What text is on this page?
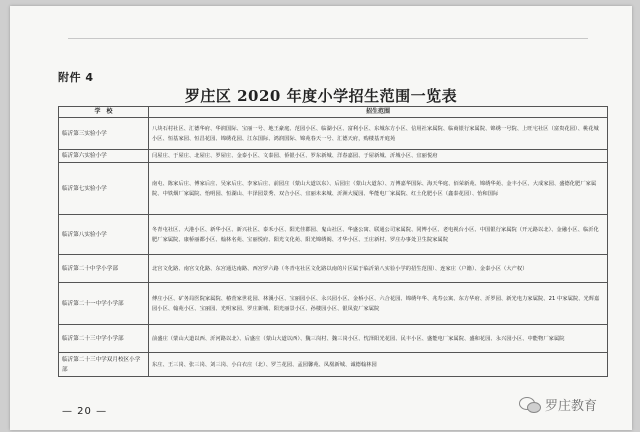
附件 4
罗庄区 2020 年度小学招生范围一览表
学　校	招生范围
临沂第三实验小学	八块石村社区、汇德华府、华润国际、宝丽一号、地王豪庭、范园小区、临湖小区、富利小区、东城东方小区、信用社家属院、临商银行家属院、锦绣一号院、上旺宅社区（富贵花园）、桃花城小区、恒基家园、恒昌花园、锦绣花园、江东国际、鸿润国际、锦苑春天一号、汇德天府，购楼基开庭苑
临沂第六实验小学	闫屋庄、于屋庄、北屋庄、罗屋庄、金泰小区、文泰园、侨银小区、罗东新城、洋春嘉园、于屋新城、沂城小区、宜丽悦府
临沂第七实验小学	南屯、陈家后庄、傅家后庄、吴家后庄、李家后庄、前园庄（蒙山大道以东）、后园庄（蒙山大道东）、万博嘉华国际、海天华庭、佰荣新苑、锦绣华苑、金丰小区、大成家园、盛德化肥厂家属院、中铁烟厂家属院、怡明园、恒湖山、丰泽园景秀、双合小区、宜丽未来城、沂洲大厦园、华能电厂家属院、红土化肥小区（鑫泰花园）、怡和国际
临沂第八实验小学	冬青屯社区、大港小区、新华小区、新兴社区、泰禾小区、阳光佳郡园、鬼山社区、华盛公寓、联通公司家属院、同博小区、老电视台小区、中国银行家属院（开元路以北）、金融小区、临沂化肥厂家属院、康桥丽都小区、翰林名苑、宝丽悦府、阳光文化苑、阳光锦绣阁、才华小区、王庄新村、罗庄办事处卫生院家属院
临沂第二十中学小学部	北宫文化路、南宫文化路、东宫通达南路、西宫罗六路（冬青屯社区文化路以南的片区属于临沂第八实验小学的招生范围）、连家庄（户籍）、金泰小区（大产权）
临沂第二十一中学小学部	傅庄小区、矿务局医院家属院、椿萱家世花园、林溪小区、宝丽园小区、永兴园小区、金桥小区、六合花园、锦绣年华、兆寿公寓、东方华府、沂罗园、新光电力家属院、21 中家属院、光辉嘉园小区、翰苑小区、宝丽园、光明家园、罗庄新城、阳光丽景小区、孙楼园小区、银凤瓷厂家属院
临沂第二十三中学小学部	前盛庄（蒙山大道以西、沂河路以北）、后盛庄（蒙山大道以西）、魏三岗村、魏三岗小区、忱泽阳光花园、民丰小区、盛能电厂家属院、盛和花园、永兴园小区、中能物厂家属院
临沂第二十三中学双月校区小学部	东庄、王三岗、张三岗、刘三岗、小白衣庄（北）、罗兰花园、孟园馨苑、凤凰新城、诚德翰林园
— 20 —	罗庄教育
